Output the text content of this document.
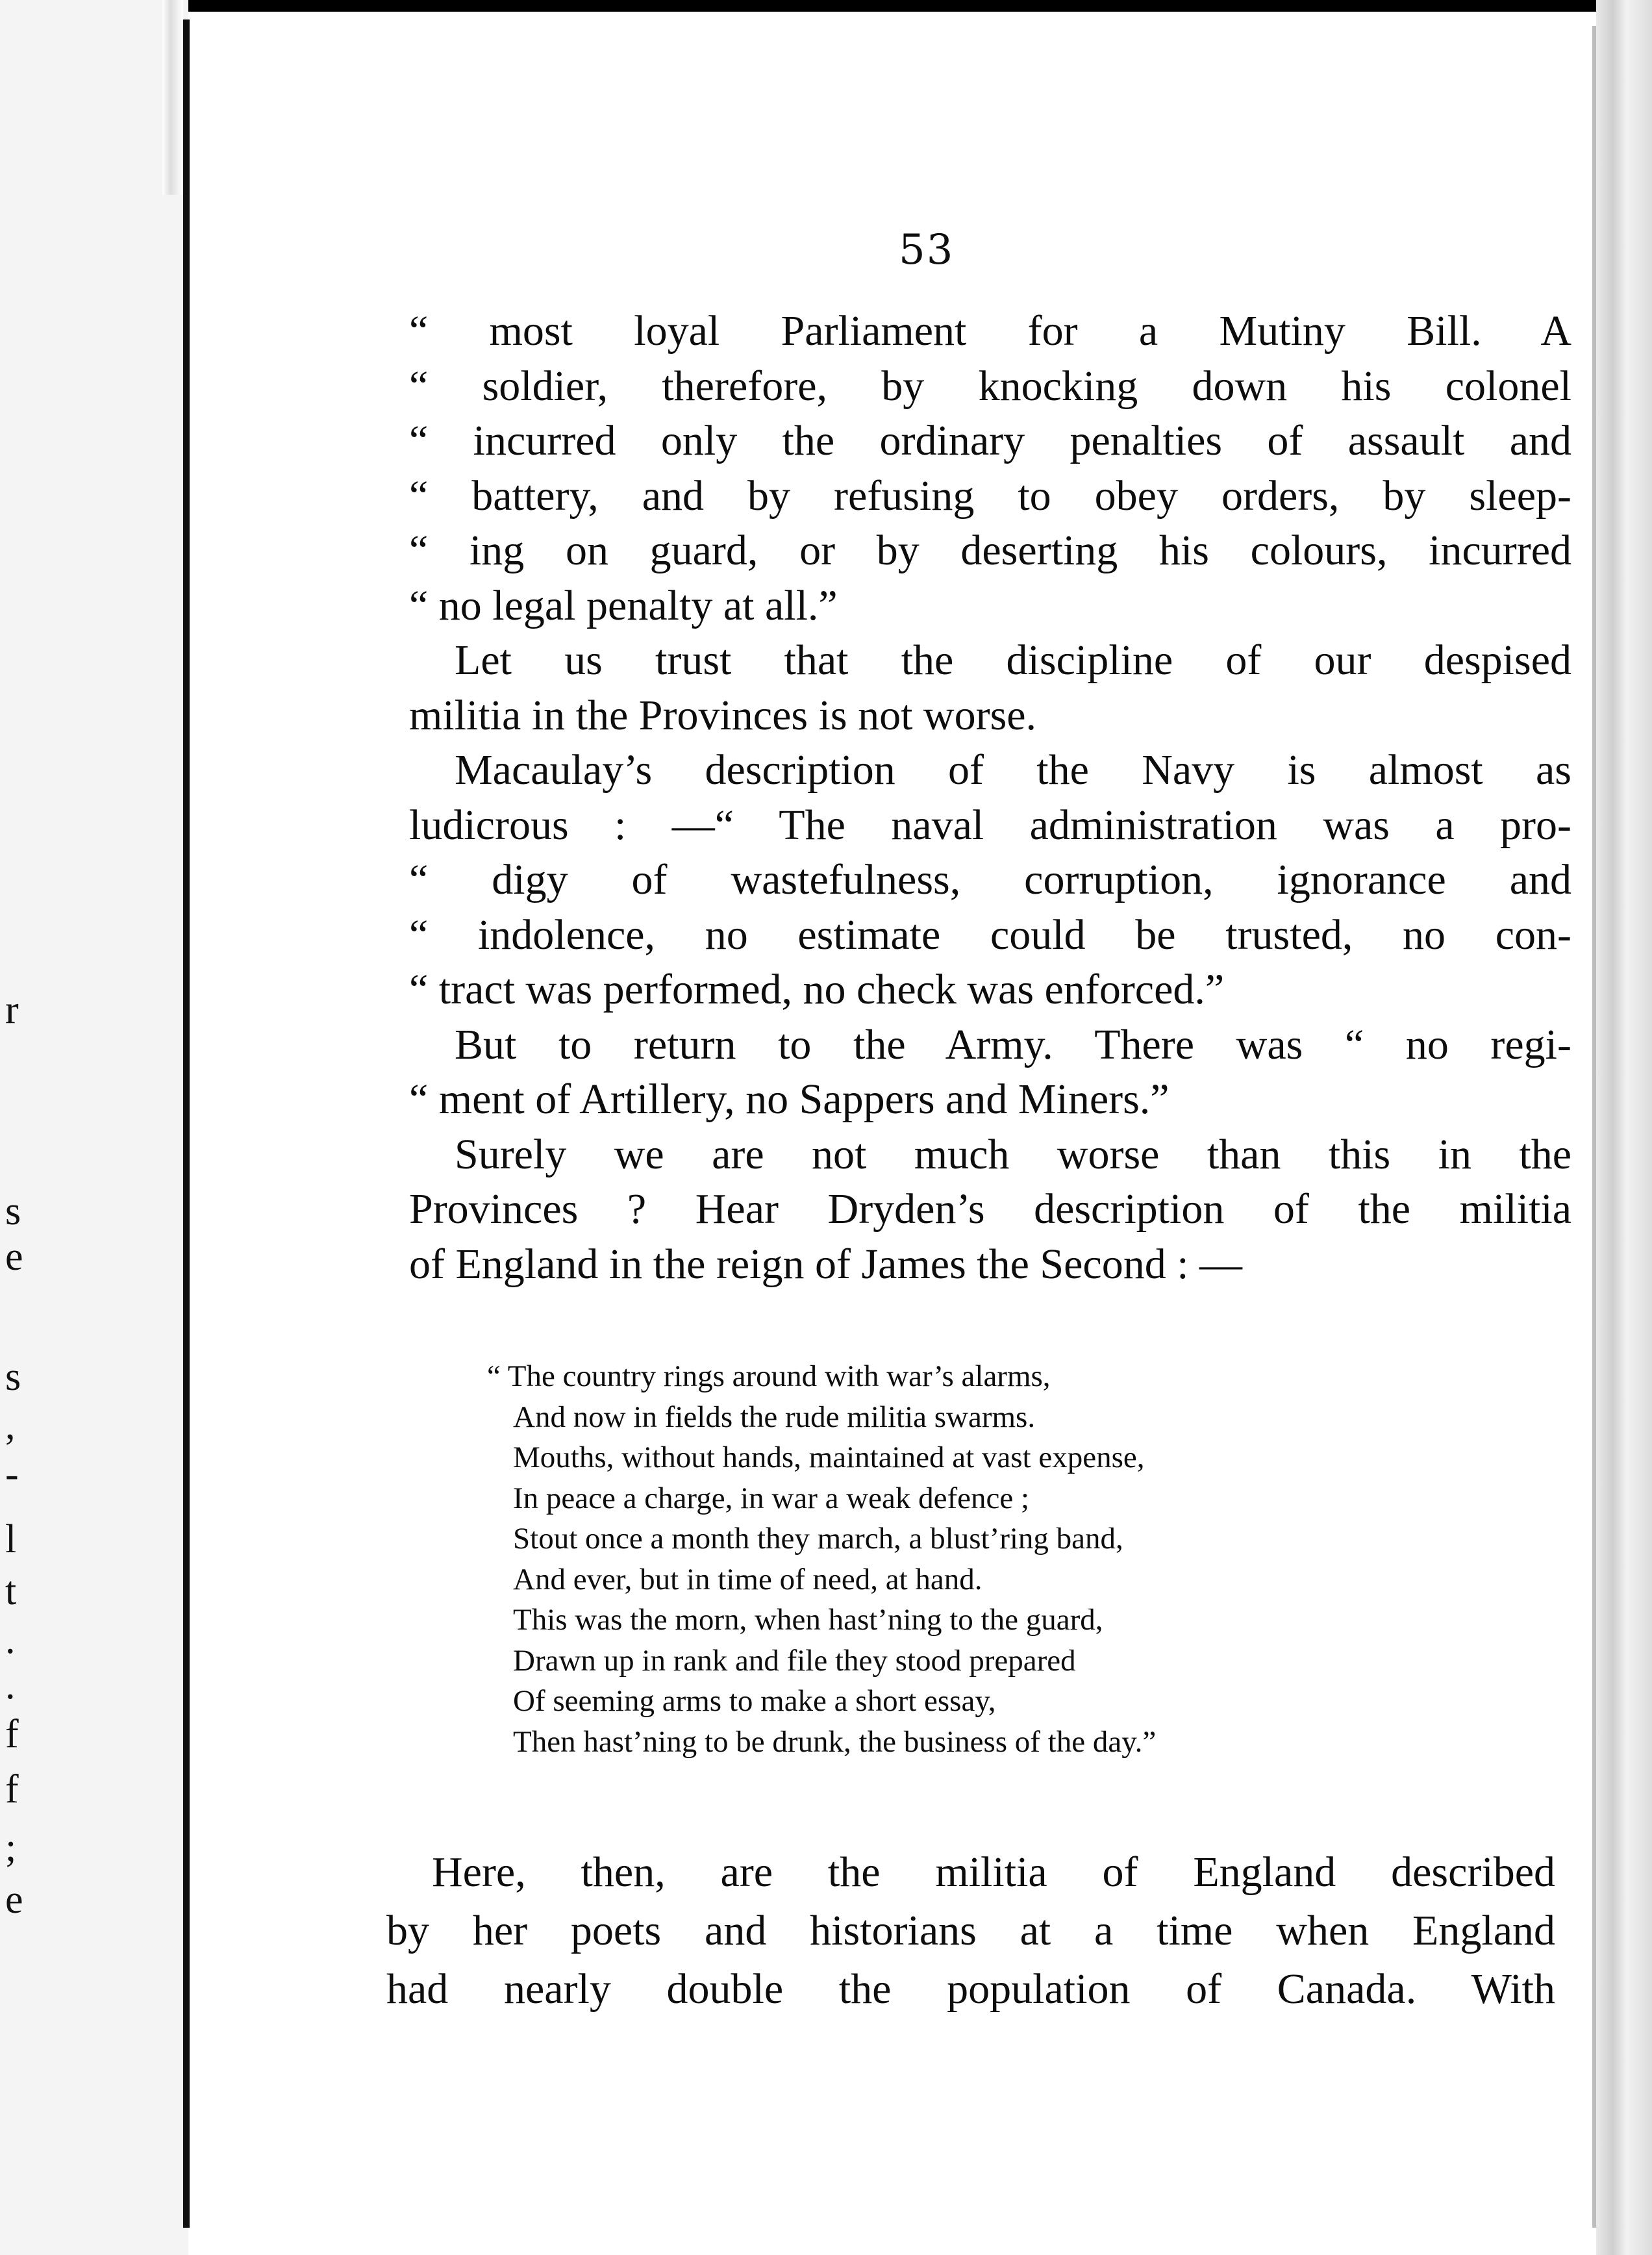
r
s
e
s
,
-
l
t
.
.
f
f
;
e
53
“ most loyal Parliament for a Mutiny Bill. A
“ soldier, therefore, by knocking down his colonel
“ incurred only the ordinary penalties of assault and
“ battery, and by refusing to obey orders, by sleep-
“ ing on guard, or by deserting his colours, incurred
“ no legal penalty at all.”
Let us trust that the discipline of our despised
militia in the Provinces is not worse.
Macaulay’s description of the Navy is almost as
ludicrous : —“ The naval administration was a pro-
“ digy of wastefulness, corruption, ignorance and
“ indolence, no estimate could be trusted, no con-
“ tract was performed, no check was enforced.”
But to return to the Army. There was “ no regi-
“ ment of Artillery, no Sappers and Miners.”
Surely we are not much worse than this in the
Provinces ? Hear Dryden’s description of the militia
of England in the reign of James the Second : —
“ The country rings around with war’s alarms,
And now in fields the rude militia swarms.
Mouths, without hands, maintained at vast expense,
In peace a charge, in war a weak defence ;
Stout once a month they march, a blust’ring band,
And ever, but in time of need, at hand.
This was the morn, when hast’ning to the guard,
Drawn up in rank and file they stood prepared
Of seeming arms to make a short essay,
Then hast’ning to be drunk, the business of the day.”
Here, then, are the militia of England described
by her poets and historians at a time when England
had nearly double the population of Canada. With
